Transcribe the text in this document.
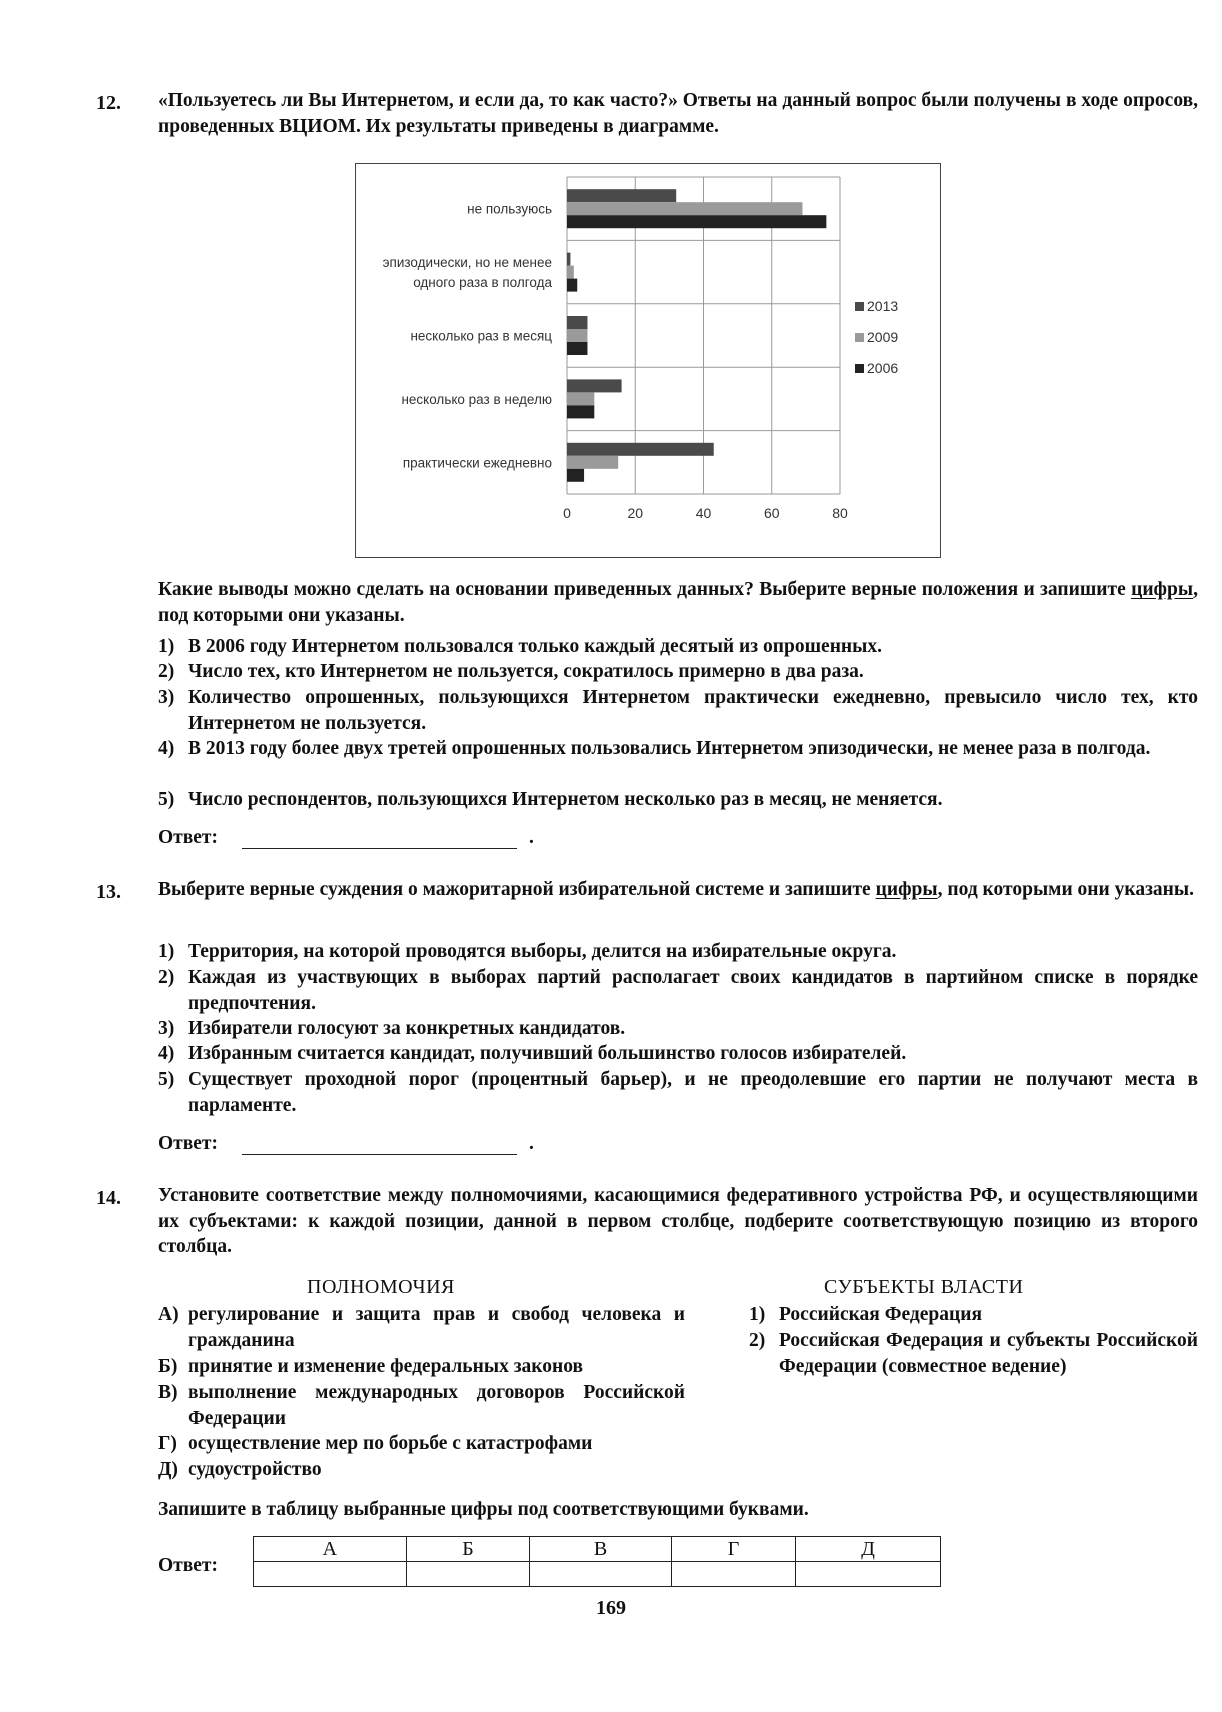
12. «Пользуетесь ли Вы Интернетом, и если да, то как часто?» Ответы на данный вопрос были получены в ходе опросов, проведенных ВЦИОМ. Их результаты приведены в диаграмме.
0	20	40	60	80
не пользуюсь
эпизодически, но не менее
одного раза в полгода
несколько раз в месяц
несколько раз в неделю
практически ежедневно
2013
2009
2006
Какие выводы можно сделать на основании приведенных данных? Выберите верные положения и запишите цифры, под которыми они указаны.
1) В 2006 году Интернетом пользовался только каждый десятый из опрошенных.
2) Число тех, кто Интернетом не пользуется, сократилось примерно в два раза.
3) Количество опрошенных, пользующихся Интернетом практически ежедневно, превысило число тех, кто Интернетом не пользуется.
4) В 2013 году более двух третей опрошенных пользовались Интернетом эпизодически, не менее раза в полгода.
5) Число респондентов, пользующихся Интернетом несколько раз в месяц, не меняется.
Ответ:	.
13. Выберите верные суждения о мажоритарной избирательной системе и запишите цифры, под которыми они указаны.
1) Территория, на которой проводятся выборы, делится на избирательные округа.
2) Каждая из участвующих в выборах партий располагает своих кандидатов в партийном списке в порядке предпочтения.
3) Избиратели голосуют за конкретных кандидатов.
4) Избранным считается кандидат, получивший большинство голосов избирателей.
5) Существует проходной порог (процентный барьер), и не преодолевшие его партии не получают места в парламенте.
Ответ:	.
14. Установите соответствие между полномочиями, касающимися федеративного устройства РФ, и осуществляющими их субъектами: к каждой позиции, данной в первом столбце, подберите соответствующую позицию из второго столбца.
ПОЛНОМОЧИЯ	СУБЪЕКТЫ ВЛАСТИ
А) регулирование и защита прав и свобод человека и гражданина
Б) принятие и изменение федеральных законов
В) выполнение международных договоров Российской Федерации
Г) осуществление мер по борьбе с катастрофами
Д) судоустройство
1) Российская Федерация
2) Российская Федерация и субъекты Российской Федерации (совместное ведение)
Запишите в таблицу выбранные цифры под соответствующими буквами.
Ответ:
А	Б	В	Г	Д

169
